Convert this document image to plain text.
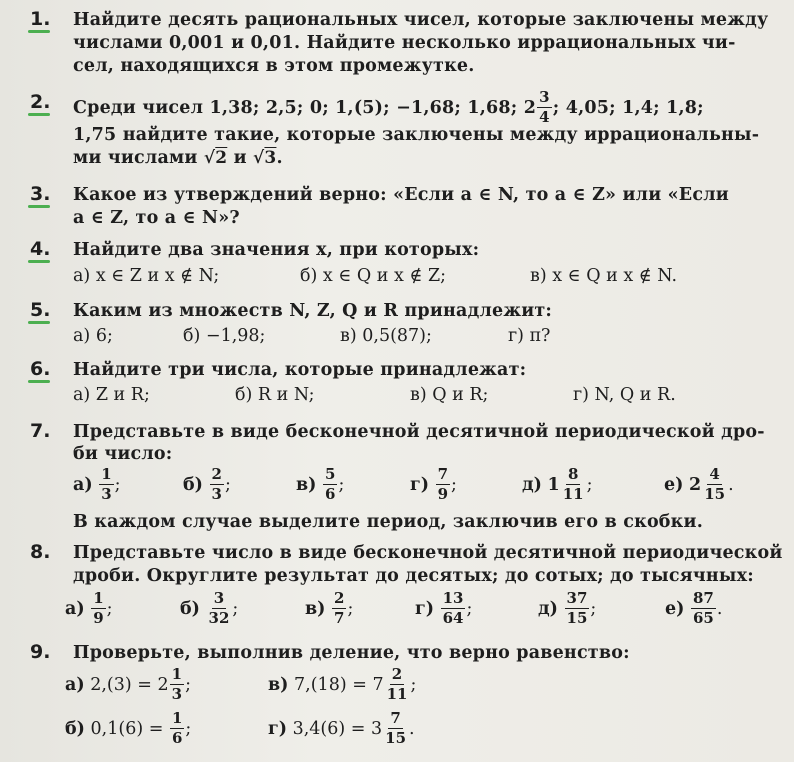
1. Найдите десять рациональных чисел, которые заключены между
числами 0,001 и 0,01. Найдите несколько иррациональных чи-
сел, находящихся в этом промежутке.
2. Среди чисел 1,38; 2,5; 0; 1,(5); −1,68; 1,68; $2 \frac{3}{4}$ ; 4,05; 1,4; 1,8;
1,75 найдите такие, которые заключены между иррациональны-
ми числами √2 и √3.
3. Какое из утверждений верно: «Если a ∈ N, то a ∈ Z» или «Если
a ∈ Z, то a ∈ N»?
4. Найдите два значения x, при которых:
а) x ∈ Z и x ∉ N;	б) x ∈ Q и x ∉ Z;	в) x ∈ Q и x ∉ N.
5. Каким из множеств N, Z, Q и R принадлежит:
а) 6;	б) −1,98;	в) 0,5(87);	г) π?
6. Найдите три числа, которые принадлежат:
а) Z и R;	б) R и N;	в) Q и R;	г) N, Q и R.
7. Представьте в виде бесконечной десятичной периодической дро-
би число:
$а) \frac{1}{3}$ ;	$б) \frac{2}{3}$ ;	$в) \frac{5}{6}$ ;	$г) \frac{7}{9}$ ;	д) $1 \frac{8}{11}$ ;	е) $2 \frac{4}{15}$ .
В каждом случае выделите период, заключив его в скобки.
8. Представьте число в виде бесконечной десятичной периодической
дроби. Округлите результат до десятых; до сотых; до тысячных:
$а) \frac{1}{9}$ ;	$б) \frac{3}{32}$ ;	$в) \frac{2}{7}$ ;	$г) \frac{13}{64}$ ;	$д) \frac{37}{15}$ ;	$е) \frac{87}{65}$ .
9. Проверьте, выполнив деление, что верно равенство:
а) $2,(3) = 2 \frac{1}{3}$ ;	в) $7,(18) = 7 \frac{2}{11}$ ;
б) $0,1(6) = \frac{1}{6}$ ;	г) $3,4(6) = 3 \frac{7}{15}$ .
